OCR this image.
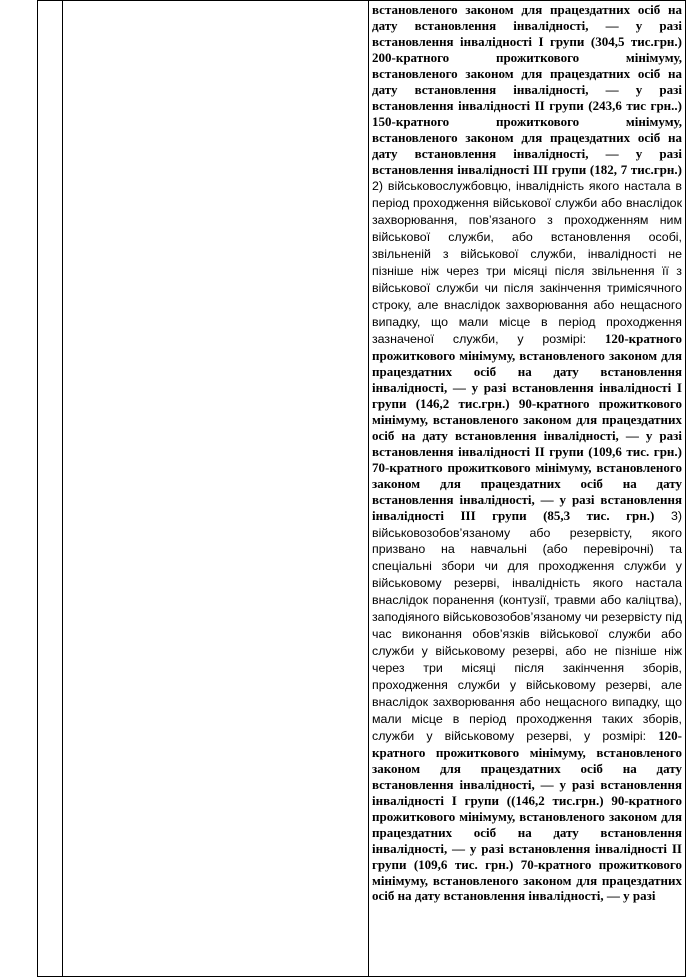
встановленого законом для працездатних осіб на дату встановлення інвалідності, — у разі встановлення інвалідності I групи (304,5 тис.грн.) 200-кратного прожиткового мінімуму, встановленого законом для працездатних осіб на дату встановлення інвалідності, — у разі встановлення інвалідності II групи (243,6 тис грн..) 150-кратного прожиткового мінімуму, встановленого законом для працездатних осіб на дату встановлення інвалідності, — у разі встановлення інвалідності III групи (182, 7 тис.грн.) 2) військовослужбовцю, інвалідність якого настала в період проходження військової служби або внаслідок захворювання, пов’язаного з проходженням ним військової служби, або встановлення особі, звільненій з військової служби, інвалідності не пізніше ніж через три місяці після звільнення її з військової служби чи після закінчення тримісячного строку, але внаслідок захворювання або нещасного випадку, що мали місце в період проходження зазначеної служби, у розмірі: 120-кратного прожиткового мінімуму, встановленого законом для працездатних осіб на дату встановлення інвалідності, — у разі встановлення інвалідності I групи (146,2 тис.грн.) 90-кратного прожиткового мінімуму, встановленого законом для працездатних осіб на дату встановлення інвалідності, — у разі встановлення інвалідності II групи (109,6 тис. грн.) 70-кратного прожиткового мінімуму, встановленого законом для працездатних осіб на дату встановлення інвалідності, — у разі встановлення інвалідності III групи (85,3 тис. грн.) 3) військовозобов’язаному або резервісту, якого призвано на навчальні (або перевірочні) та спеціальні збори чи для проходження служби у військовому резерві, інвалідність якого настала внаслідок поранення (контузії, травми або каліцтва), заподіяного військовозобов’язаному чи резервісту під час виконання обов’язків військової служби або служби у військовому резерві, або не пізніше ніж через три місяці після закінчення зборів, проходження служби у військовому резерві, але внаслідок захворювання або нещасного випадку, що мали місце в період проходження таких зборів, служби у військовому резерві, у розмірі: 120-кратного прожиткового мінімуму, встановленого законом для працездатних осіб на дату встановлення інвалідності, — у разі встановлення інвалідності I групи ((146,2 тис.грн.) 90-кратного прожиткового мінімуму, встановленого законом для працездатних осіб на дату встановлення інвалідності, — у разі встановлення інвалідності II групи (109,6 тис. грн.) 70-кратного прожиткового мінімуму, встановленого законом для працездатних осіб на дату встановлення інвалідності, — у разі
